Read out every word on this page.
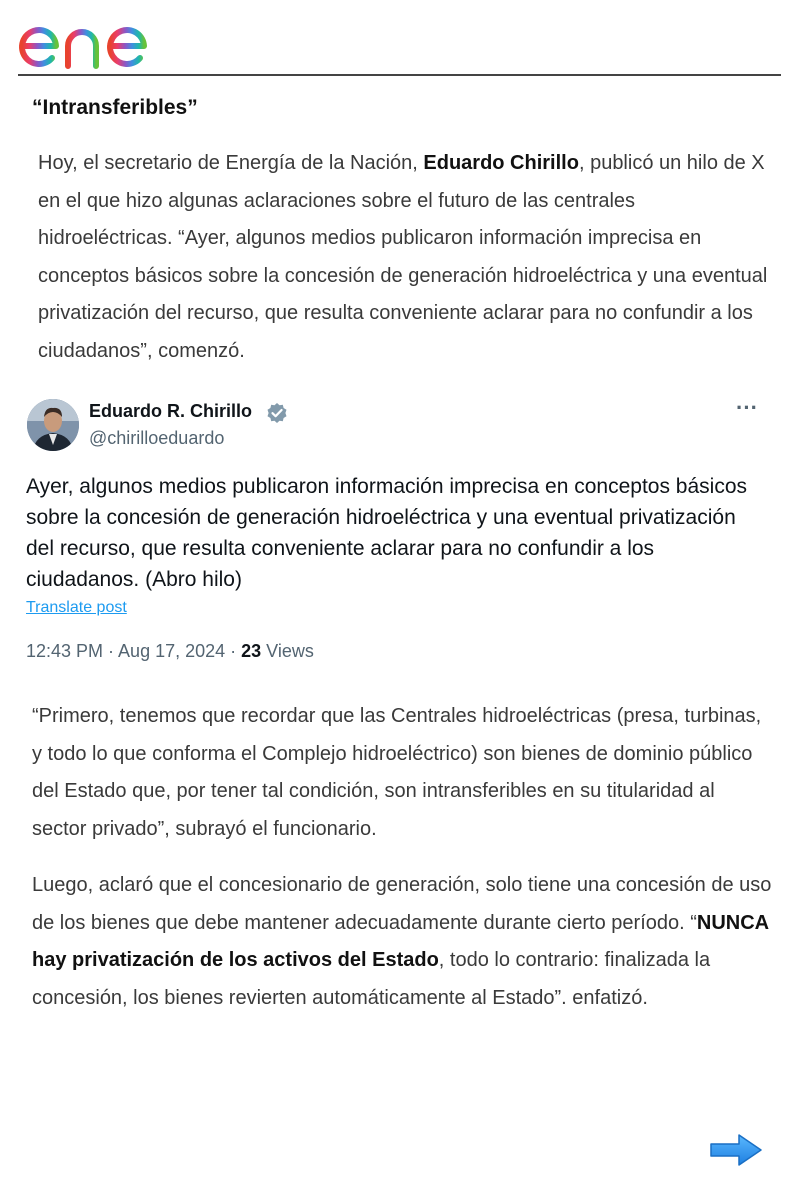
“Intransferibles”

Hoy, el secretario de Energía de la Nación, Eduardo Chirillo, publicó un hilo de X en el que hizo algunas aclaraciones sobre el futuro de las centrales hidroeléctricas. “Ayer, algunos medios publicaron información imprecisa en conceptos básicos sobre la concesión de generación hidroeléctrica y una eventual privatización del recurso, que resulta conveniente aclarar para no confundir a los ciudadanos”, comenzó.

Eduardo R. Chirillo
@chirilloeduardo
···

Ayer, algunos medios publicaron información imprecisa en conceptos básicos sobre la concesión de generación hidroeléctrica y una eventual privatización del recurso, que resulta conveniente aclarar para no confundir a los ciudadanos. (Abro hilo)

Translate post
12:43 PM · Aug 17, 2024 · 23 Views

“Primero, tenemos que recordar que las Centrales hidroeléctricas (presa, turbinas, y todo lo que conforma el Complejo hidroeléctrico) son bienes de dominio público del Estado que, por tener tal condición, son intransferibles en su titularidad al sector privado”, subrayó el funcionario.

Luego, aclaró que el concesionario de generación, solo tiene una concesión de uso de los bienes que debe mantener adecuadamente durante cierto período. “NUNCA hay privatización de los activos del Estado, todo lo contrario: finalizada la concesión, los bienes revierten automáticamente al Estado”. enfatizó.
